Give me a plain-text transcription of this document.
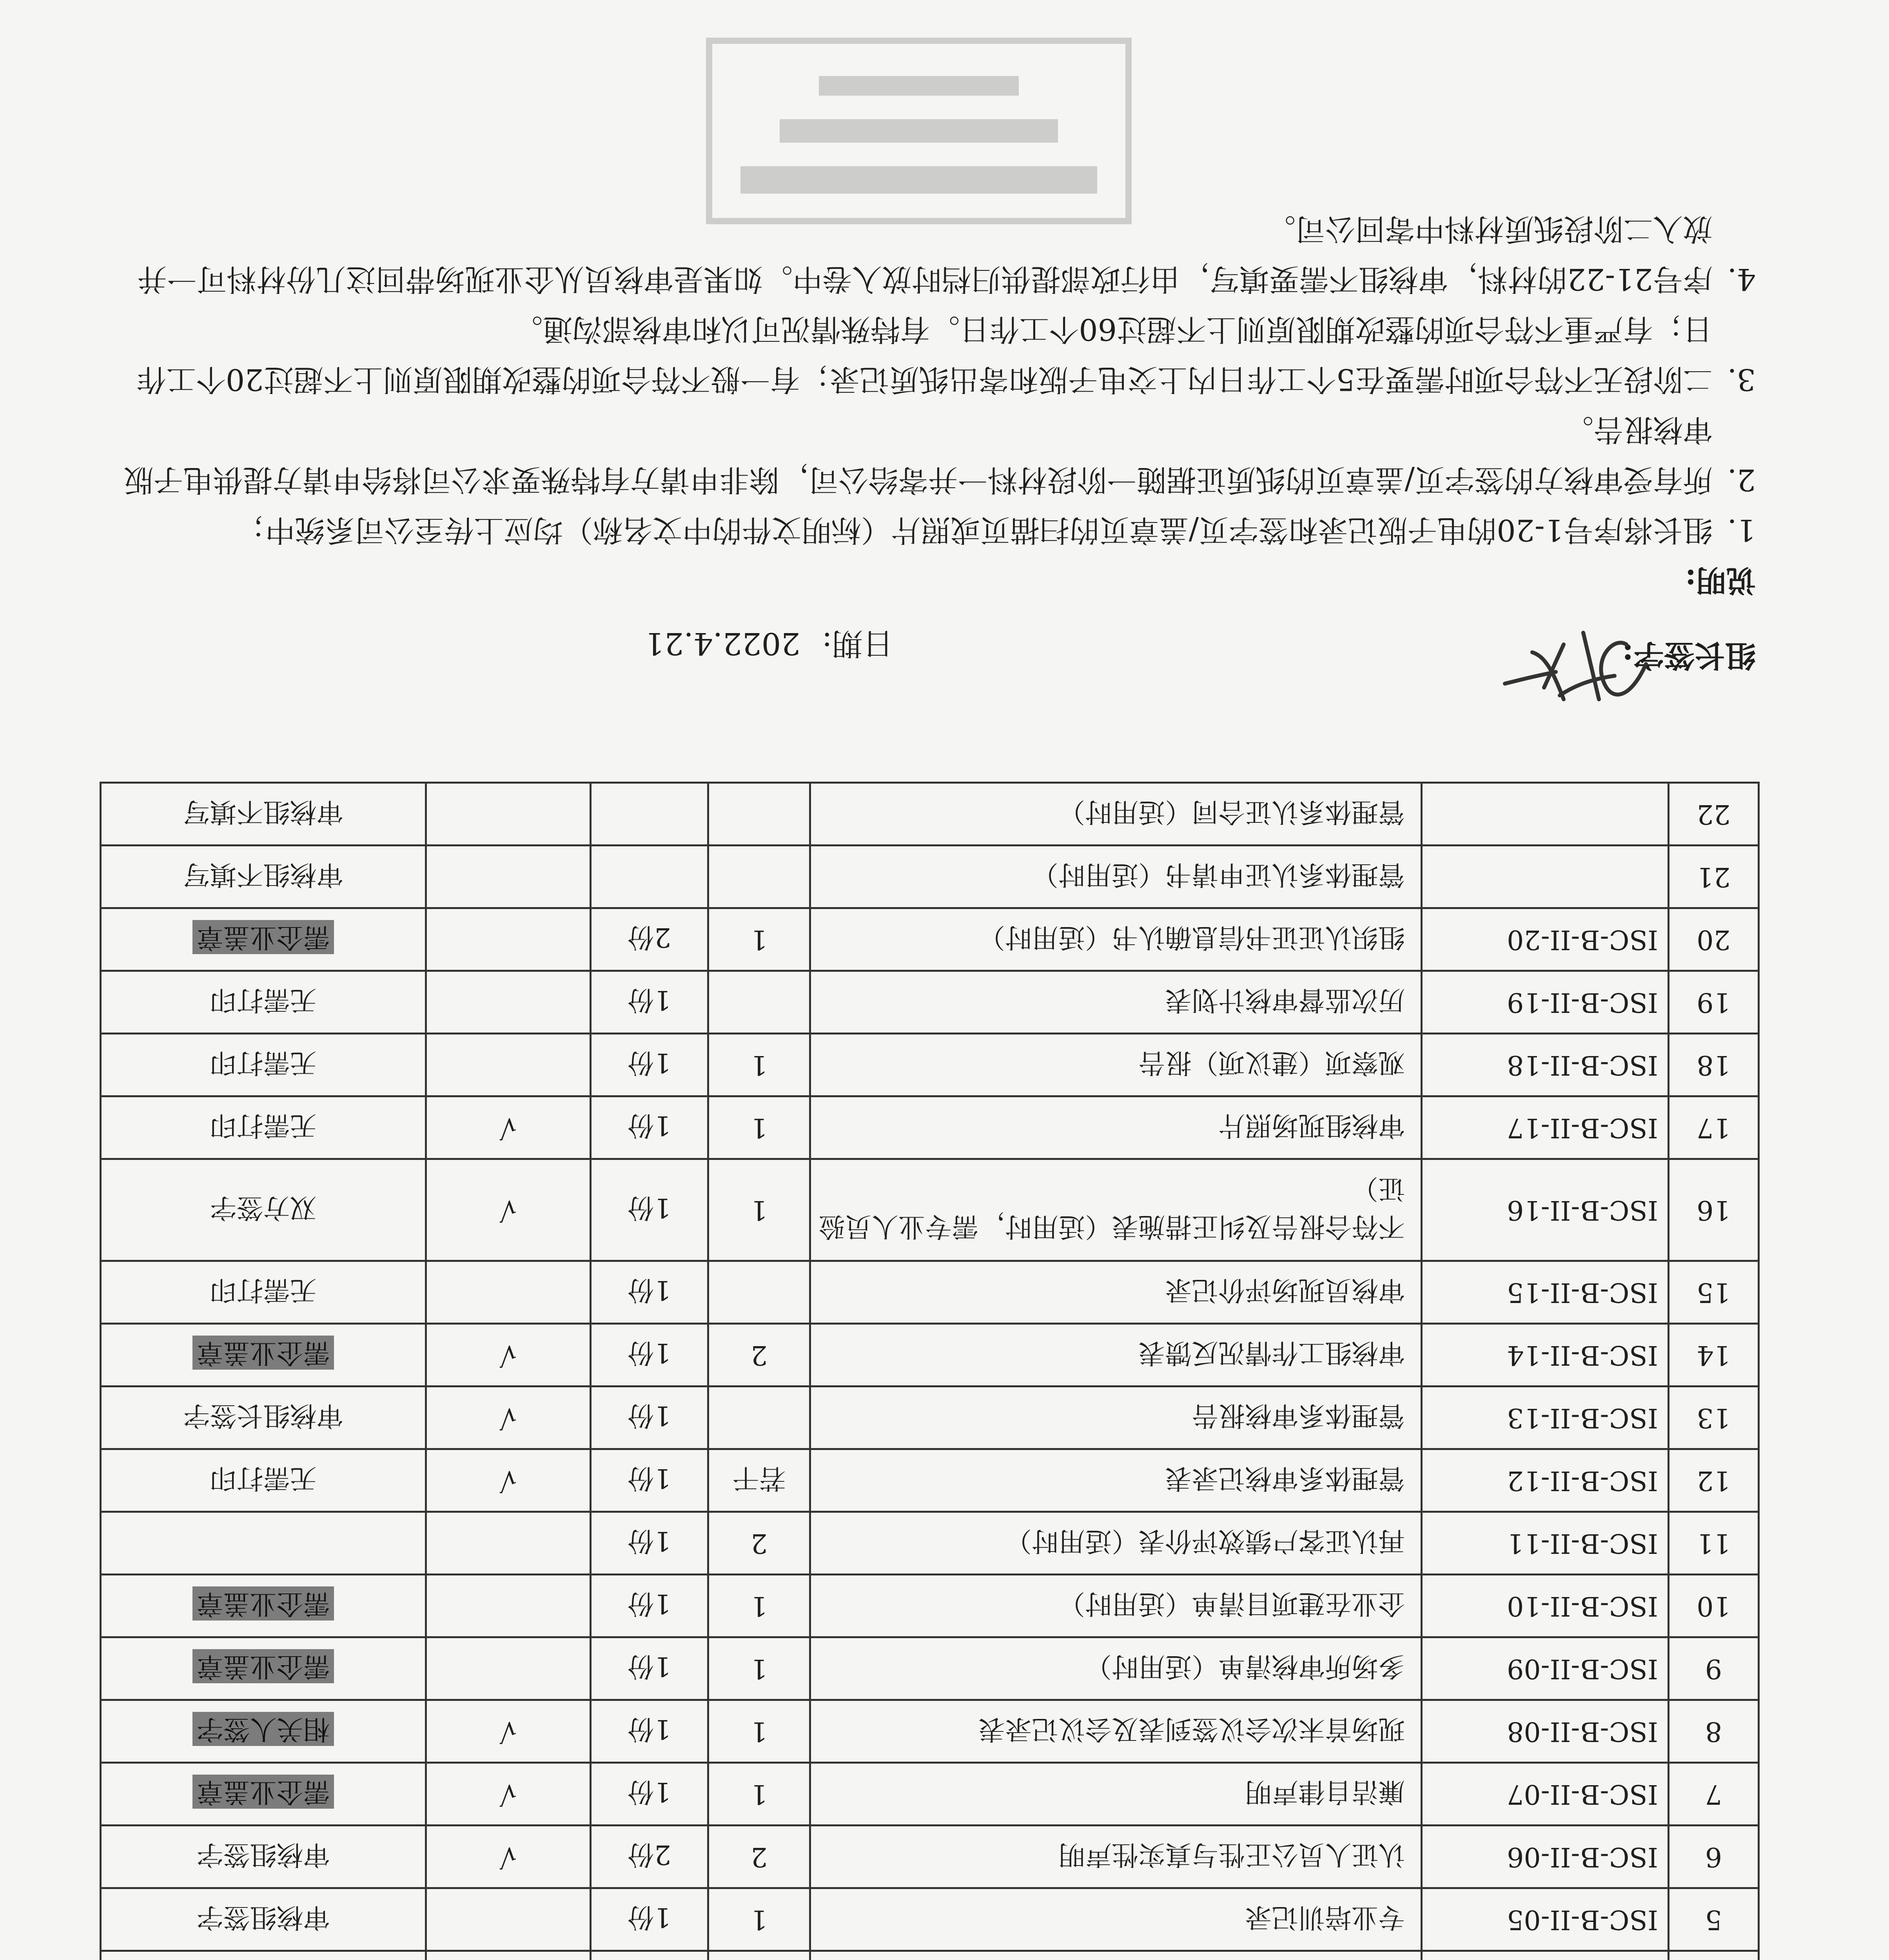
5	ISC-B-II-05	专业培训记录	1	1份		审核组签字
6	ISC-B-II-06	认证人员公正性与真实性声明	2	2份	√	审核组签字
7	ISC-B-II-07	廉洁自律声明	1	1份	√	需企业盖章
8	ISC-B-II-08	现场首末次会议签到表及会议记录表	1	1份	√	相关人签字
9	ISC-B-II-09	多场所审核清单（适用时）	1	1份		需企业盖章
10	ISC-B-II-10	企业在建项目清单（适用时）	1	1份		需企业盖章
11	ISC-B-II-11	再认证客户绩效评价表（适用时）	2	1份		
12	ISC-B-II-12	管理体系审核记录表	若干	1份	√	无需打印
13	ISC-B-II-13	管理体系审核报告		1份	√	审核组长签字
14	ISC-B-II-14	审核组工作情况反馈表	2	1份	√	需企业盖章
15	ISC-B-II-15	审核员现场评价记录		1份		无需打印
16	ISC-B-II-16	不符合报告及纠正措施表（适用时，需专业人员验证）	1	1份	√	双方签字
17	ISC-B-II-17	审核组现场照片	1	1份	√	无需打印
18	ISC-B-II-18	观察项（建议项）报告	1	1份		无需打印
19	ISC-B-II-19	历次监督审核计划表		1份		无需打印
20	ISC-B-II-20	组织认证证书信息确认书（适用时）	1	2份		需企业盖章
21		管理体系认证申请书（适用时）				审核组不填写
22		管理体系认证合同（适用时）				审核组不填写
组长签字:
日期: 2022.4.21
说明:
1.
组长将序号1-20的电子版记录和签字页/盖章页的扫描页或照片（标明文件的中文名称）均应上传至公司系统中；
2.
所有受审核方的签字页/盖章页的纸质证据随一阶段材料一并寄给公司，除非申请方有特殊要求公司将给申请方提供电子版审核报告。
3.
二阶段无不符合项时需要在5个工作日内上交电子版和寄出纸质记录；有一般不符合项的整改期限原则上不超过20个工作日；有严重不符合项的整改期限原则上不超过60个工作日。有特殊情况可以和审核部沟通。
4.
序号21-22的材料，审核组不需要填写，由行政部提供归档时放入卷中。如果是审核员从企业现场带回这几份材料可一并放入二阶段纸质材料中寄回公司。
